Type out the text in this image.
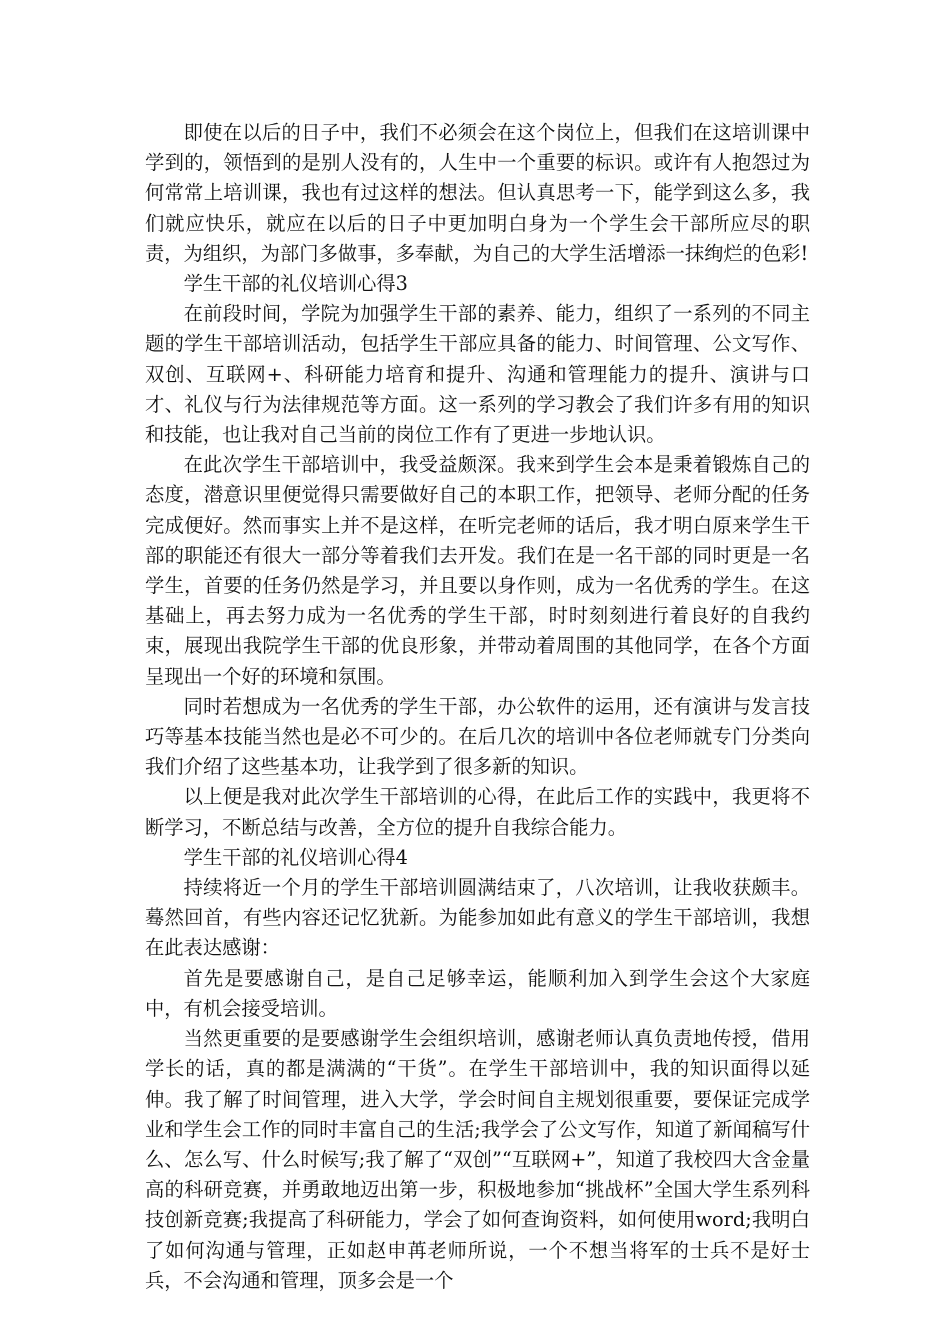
即使在以后的日子中，我们不必须会在这个岗位上，但我们在这培训课中学到的，领悟到的是别人没有的，人生中一个重要的标识。或许有人抱怨过为何常常上培训课，我也有过这样的想法。但认真思考一下，能学到这么多，我们就应快乐，就应在以后的日子中更加明白身为一个学生会干部所应尽的职责，为组织，为部门多做事，多奉献，为自己的大学生活增添一抹绚烂的色彩!

学生干部的礼仪培训心得3

在前段时间，学院为加强学生干部的素养、能力，组织了一系列的不同主题的学生干部培训活动，包括学生干部应具备的能力、时间管理、公文写作、双创、互联网+、科研能力培育和提升、沟通和管理能力的提升、演讲与口才、礼仪与行为法律规范等方面。这一系列的学习教会了我们许多有用的知识和技能，也让我对自己当前的岗位工作有了更进一步地认识。

在此次学生干部培训中，我受益颇深。我来到学生会本是秉着锻炼自己的态度，潜意识里便觉得只需要做好自己的本职工作，把领导、老师分配的任务完成便好。然而事实上并不是这样，在听完老师的话后，我才明白原来学生干部的职能还有很大一部分等着我们去开发。我们在是一名干部的同时更是一名学生，首要的任务仍然是学习，并且要以身作则，成为一名优秀的学生。在这基础上，再去努力成为一名优秀的学生干部，时时刻刻进行着良好的自我约束，展现出我院学生干部的优良形象，并带动着周围的其他同学，在各个方面呈现出一个好的环境和氛围。

同时若想成为一名优秀的学生干部，办公软件的运用，还有演讲与发言技巧等基本技能当然也是必不可少的。在后几次的培训中各位老师就专门分类向我们介绍了这些基本功，让我学到了很多新的知识。

以上便是我对此次学生干部培训的心得，在此后工作的实践中，我更将不断学习，不断总结与改善，全方位的提升自我综合能力。

学生干部的礼仪培训心得4

持续将近一个月的学生干部培训圆满结束了，八次培训，让我收获颇丰。蓦然回首，有些内容还记忆犹新。为能参加如此有意义的学生干部培训，我想在此表达感谢：

首先是要感谢自己，是自己足够幸运，能顺利加入到学生会这个大家庭中，有机会接受培训。

当然更重要的是要感谢学生会组织培训，感谢老师认真负责地传授，借用学长的话，真的都是满满的“干货”。在学生干部培训中，我的知识面得以延伸。我了解了时间管理，进入大学，学会时间自主规划很重要，要保证完成学业和学生会工作的同时丰富自己的生活;我学会了公文写作，知道了新闻稿写什么、怎么写、什么时候写;我了解了“双创”“互联网+”，知道了我校四大含金量高的科研竞赛，并勇敢地迈出第一步，积极地参加“挑战杯”全国大学生系列科技创新竞赛;我提高了科研能力，学会了如何查询资料，如何使用word;我明白了如何沟通与管理，正如赵申苒老师所说，一个不想当将军的士兵不是好士兵，不会沟通和管理，顶多会是一个
